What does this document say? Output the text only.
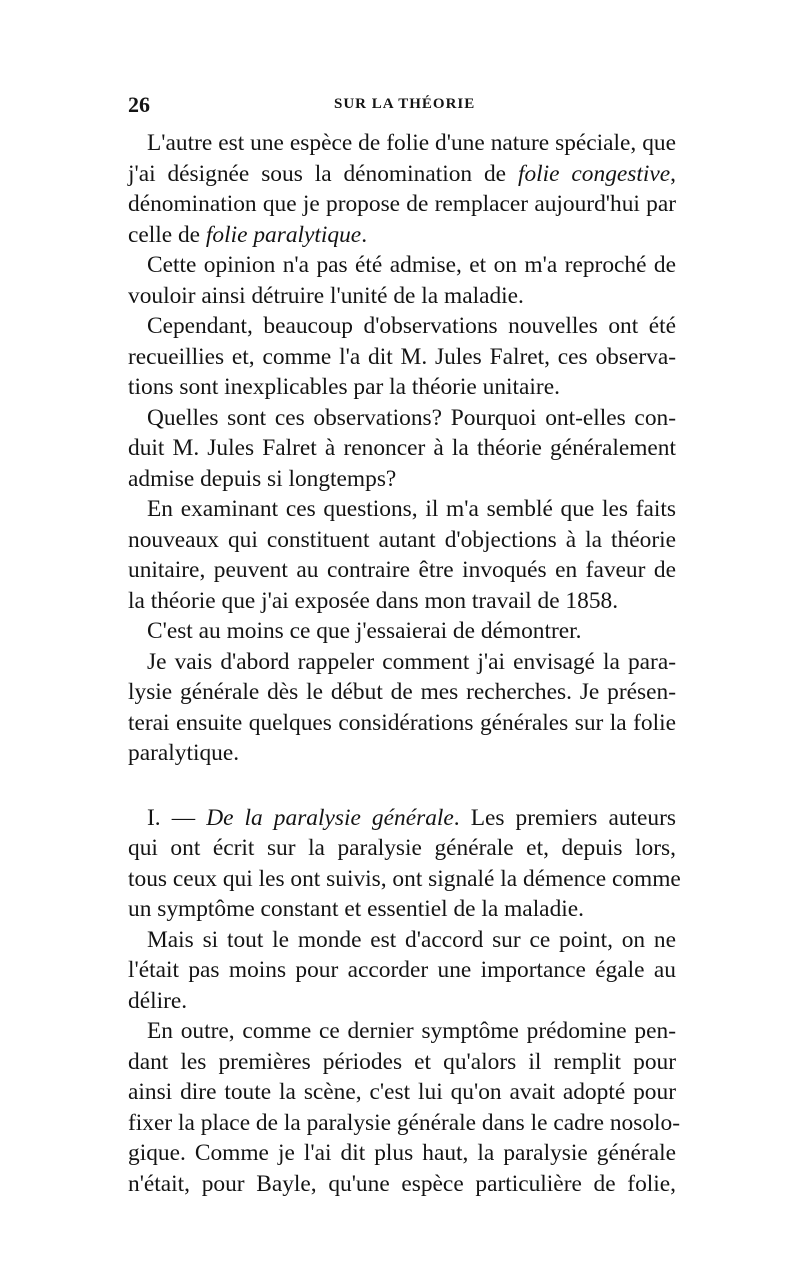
26	SUR LA THÉORIE
L'autre est une espèce de folie d'une nature spéciale, que
j'ai désignée sous la dénomination de folie congestive,
dénomination que je propose de remplacer aujourd'hui par
celle de folie paralytique.
Cette opinion n'a pas été admise, et on m'a reproché de
vouloir ainsi détruire l'unité de la maladie.
Cependant, beaucoup d'observations nouvelles ont été
recueillies et, comme l'a dit M. Jules Falret, ces observa-
tions sont inexplicables par la théorie unitaire.
Quelles sont ces observations? Pourquoi ont-elles con-
duit M. Jules Falret à renoncer à la théorie généralement
admise depuis si longtemps?
En examinant ces questions, il m'a semblé que les faits
nouveaux qui constituent autant d'objections à la théorie
unitaire, peuvent au contraire être invoqués en faveur de
la théorie que j'ai exposée dans mon travail de 1858.
C'est au moins ce que j'essaierai de démontrer.
Je vais d'abord rappeler comment j'ai envisagé la para-
lysie générale dès le début de mes recherches. Je présen-
terai ensuite quelques considérations générales sur la folie
paralytique.
I. — De la paralysie générale. Les premiers auteurs
qui ont écrit sur la paralysie générale et, depuis lors,
tous ceux qui les ont suivis, ont signalé la démence comme
un symptôme constant et essentiel de la maladie.
Mais si tout le monde est d'accord sur ce point, on ne
l'était pas moins pour accorder une importance égale au
délire.
En outre, comme ce dernier symptôme prédomine pen-
dant les premières périodes et qu'alors il remplit pour
ainsi dire toute la scène, c'est lui qu'on avait adopté pour
fixer la place de la paralysie générale dans le cadre nosolo-
gique. Comme je l'ai dit plus haut, la paralysie générale
n'était, pour Bayle, qu'une espèce particulière de folie,
